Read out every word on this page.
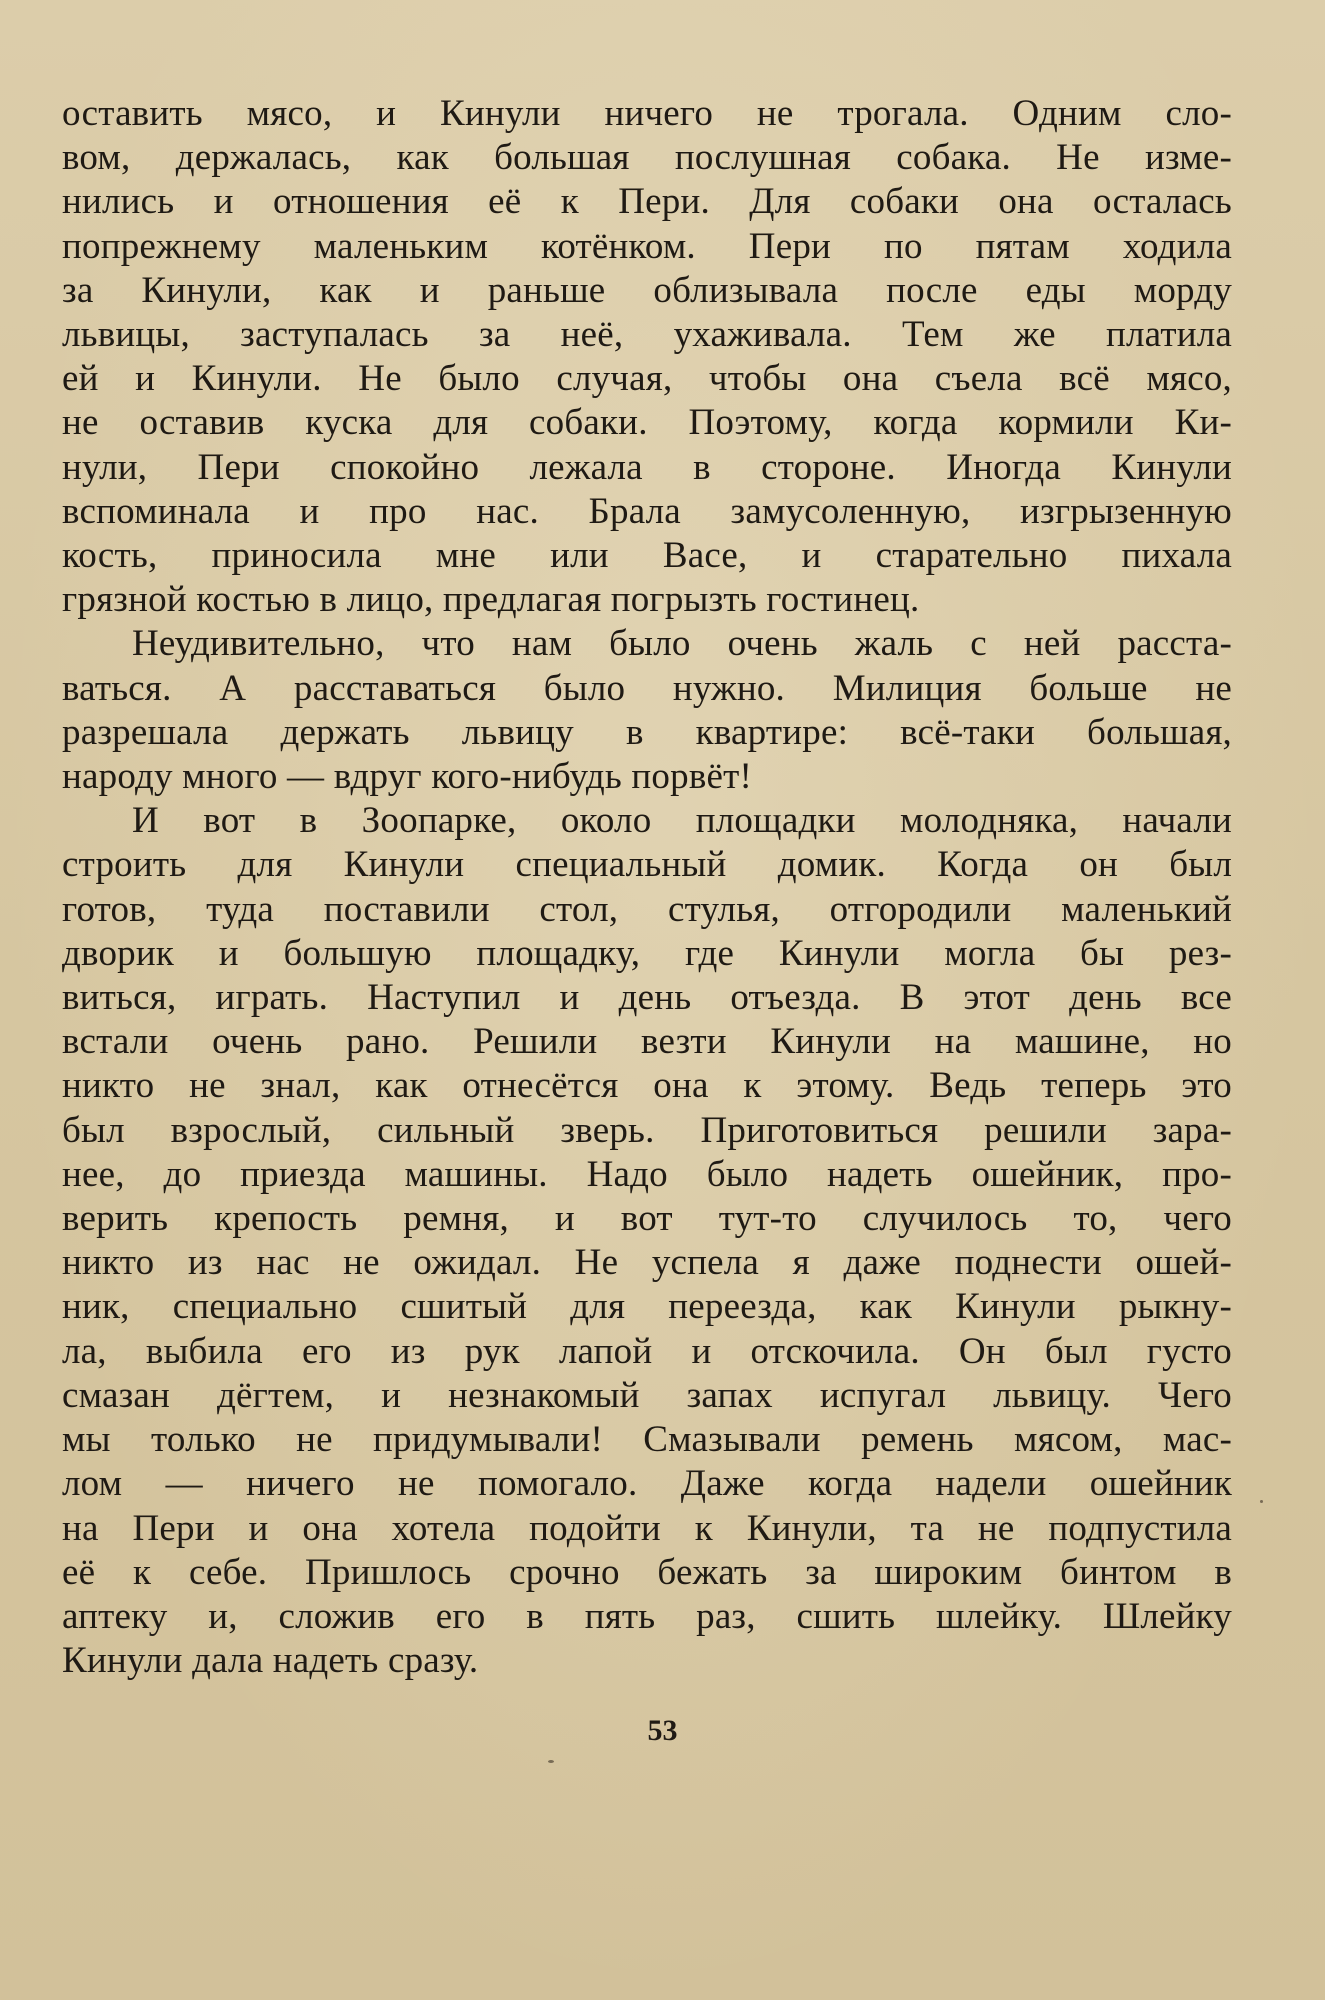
оставить мясо, и Кинули ничего не трогала. Одним сло-
вом, держалась, как большая послушная собака. Не изме-
нились и отношения её к Пери. Для собаки она осталась
попрежнему маленьким котёнком. Пери по пятам ходила
за Кинули, как и раньше облизывала после еды морду
львицы, заступалась за неё, ухаживала. Тем же платила
ей и Кинули. Не было случая, чтобы она съела всё мясо,
не оставив куска для собаки. Поэтому, когда кормили Ки-
нули, Пери спокойно лежала в стороне. Иногда Кинули
вспоминала и про нас. Брала замусоленную, изгрызенную
кость, приносила мне или Васе, и старательно пихала
грязной костью в лицо, предлагая погрызть гостинец.
Неудивительно, что нам было очень жаль с ней расста-
ваться. А расставаться было нужно. Милиция больше не
разрешала держать львицу в квартире: всё-таки большая,
народу много — вдруг кого-нибудь порвёт!
И вот в Зоопарке, около площадки молодняка, начали
строить для Кинули специальный домик. Когда он был
готов, туда поставили стол, стулья, отгородили маленький
дворик и большую площадку, где Кинули могла бы рез-
виться, играть. Наступил и день отъезда. В этот день все
встали очень рано. Решили везти Кинули на машине, но
никто не знал, как отнесётся она к этому. Ведь теперь это
был взрослый, сильный зверь. Приготовиться решили зара-
нее, до приезда машины. Надо было надеть ошейник, про-
верить крепость ремня, и вот тут-то случилось то, чего
никто из нас не ожидал. Не успела я даже поднести ошей-
ник, специально сшитый для переезда, как Кинули рыкну-
ла, выбила его из рук лапой и отскочила. Он был густо
смазан дёгтем, и незнакомый запах испугал львицу. Чего
мы только не придумывали! Смазывали ремень мясом, мас-
лом — ничего не помогало. Даже когда надели ошейник
на Пери и она хотела подойти к Кинули, та не подпустила
её к себе. Пришлось срочно бежать за широким бинтом в
аптеку и, сложив его в пять раз, сшить шлейку. Шлейку
Кинули дала надеть сразу.
53
